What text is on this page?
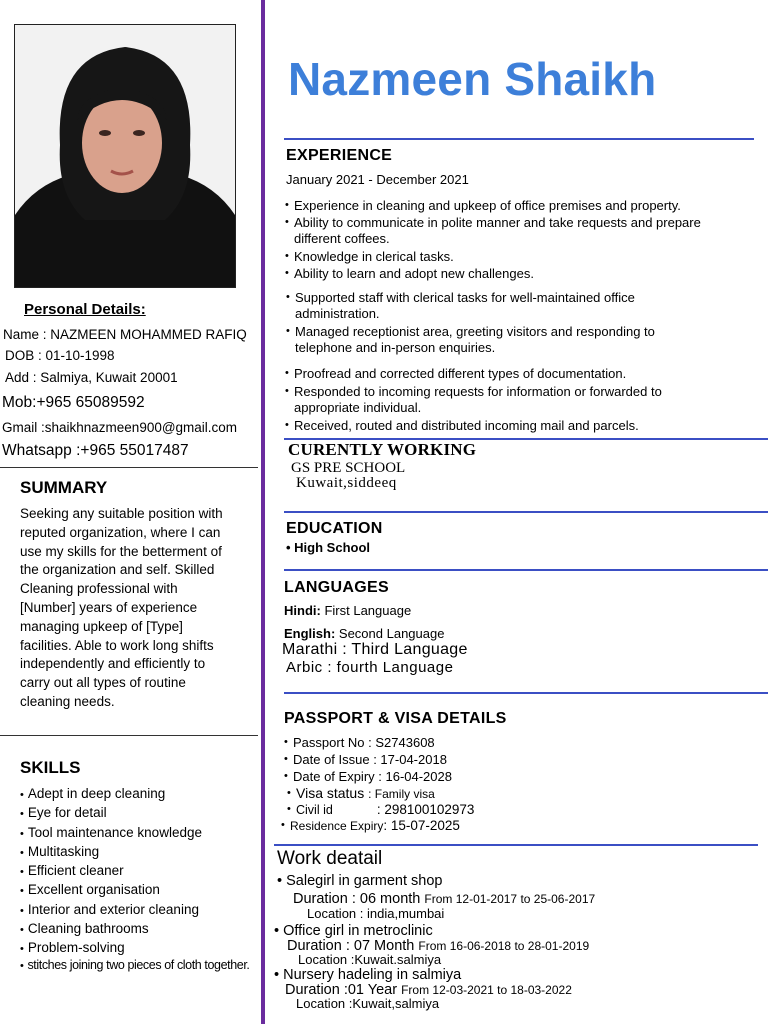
Personal Details:
Name : NAZMEEN MOHAMMED RAFIQ
DOB : 01-10-1998
Add : Salmiya, Kuwait 20001
Mob:+965 65089592
Gmail :shaikhnazmeen900@gmail.com
Whatsapp :+965 55017487
SUMMARY
Seeking any suitable position with
reputed organization, where I can
use my skills for the betterment of
the organization and self. Skilled
Cleaning professional with
[Number] years of experience
managing upkeep of [Type]
facilities. Able to work long shifts
independently and efficiently to
carry out all types of routine
cleaning needs.
SKILLS
• Adept in deep cleaning
• Eye for detail
• Tool maintenance knowledge
• Multitasking
• Efficient cleaner
• Excellent organisation
• Interior and exterior cleaning
• Cleaning bathrooms
• Problem-solving
• stitches joining two pieces of cloth together.
Nazmeen Shaikh
EXPERIENCE
January 2021 - December 2021
• Experience in cleaning and upkeep of office premises and property.
• Ability to communicate in polite manner and take requests and prepare
different coffees.
• Knowledge in clerical tasks.
• Ability to learn and adopt new challenges.
• Supported staff with clerical tasks for well-maintained office
administration.
• Managed receptionist area, greeting visitors and responding to
telephone and in-person enquiries.
• Proofread and corrected different types of documentation.
• Responded to incoming requests for information or forwarded to
appropriate individual.
• Received, routed and distributed incoming mail and parcels.
CURENTLY WORKING
GS PRE SCHOOL
Kuwait,siddeeq
EDUCATION
• High School
LANGUAGES
Hindi: First Language
English: Second Language
Marathi : Third Language
Arbic : fourth Language
PASSPORT & VISA DETAILS
• Passport No : S2743608
• Date of Issue : 17-04-2018
• Date of Expiry : 16-04-2028
• Visa status : Family visa
• Civil id	: 298100102973
• Residence Expiry: 15-07-2025
Work deatail
• Salegirl in garment shop
Duration : 06 month From 12-01-2017 to 25-06-2017
Location : india,mumbai
• Office girl in metroclinic
Duration : 07 Month From 16-06-2018 to 28-01-2019
Location :Kuwait.salmiya
• Nursery hadeling in salmiya
Duration :01 Year From 12-03-2021 to 18-03-2022
Location :Kuwait,salmiya
